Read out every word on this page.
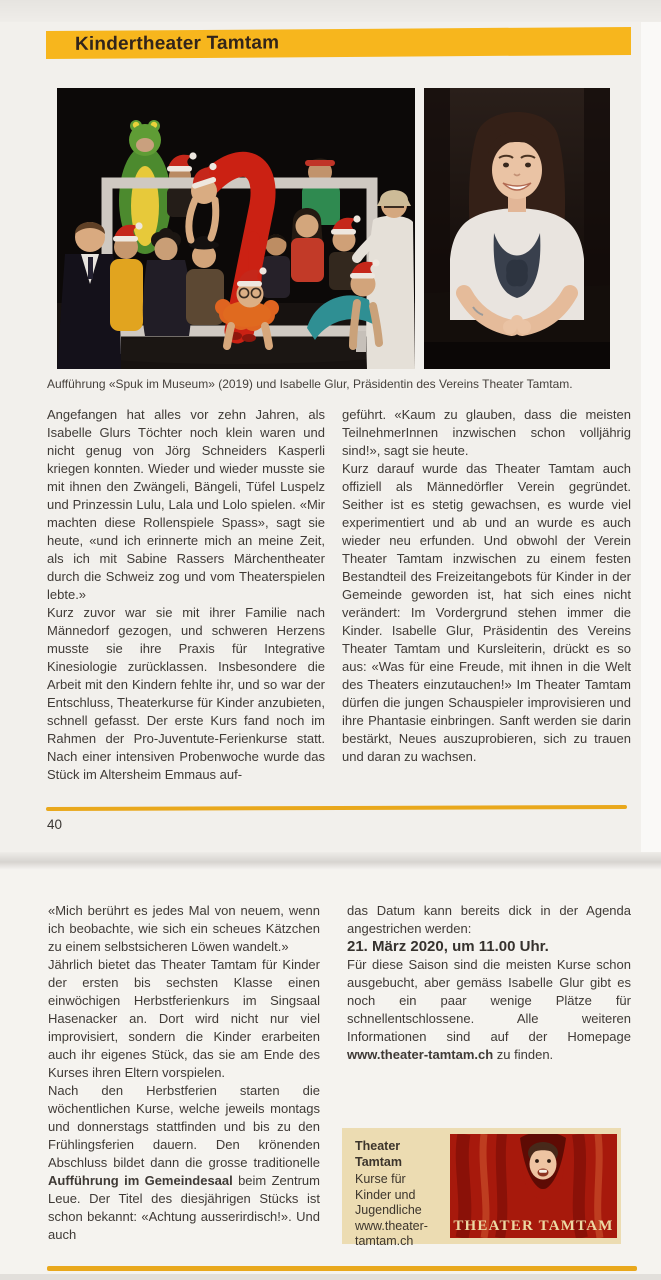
Kindertheater Tamtam

Aufführung «Spuk im Museum» (2019) und Isabelle Glur, Präsidentin des Vereins Theater Tamtam.

Angefangen hat alles vor zehn Jahren, als Isabelle Glurs Töchter noch klein waren und nicht genug von Jörg Schneiders Kasperli kriegen konnten. Wieder und wieder musste sie mit ihnen den Zwängeli, Bängeli, Tüfel Luspelz und Prinzessin Lulu, Lala und Lolo spielen. «Mir machten diese Rollenspiele Spass», sagt sie heute, «und ich erinnerte mich an meine Zeit, als ich mit Sabine Rassers Märchentheater durch die Schweiz zog und vom Theaterspielen lebte.»

Kurz zuvor war sie mit ihrer Familie nach Männedorf gezogen, und schweren Herzens musste sie ihre Praxis für Integrative Kinesiologie zurücklassen. Insbesondere die Arbeit mit den Kindern fehlte ihr, und so war der Entschluss, Theaterkurse für Kinder anzubieten, schnell gefasst. Der erste Kurs fand noch im Rahmen der Pro-Juventute-Ferienkurse statt. Nach einer intensiven Probenwoche wurde das Stück im Altersheim Emmaus auf-

geführt. «Kaum zu glauben, dass die meisten TeilnehmerInnen inzwischen schon volljährig sind!», sagt sie heute.

Kurz darauf wurde das Theater Tamtam auch offiziell als Männedörfler Verein gegründet. Seither ist es stetig gewachsen, es wurde viel experimentiert und ab und an wurde es auch wieder neu erfunden. Und obwohl der Verein Theater Tamtam inzwischen zu einem festen Bestandteil des Freizeitangebots für Kinder in der Gemeinde geworden ist, hat sich eines nicht verändert: Im Vordergrund stehen immer die Kinder. Isabelle Glur, Präsidentin des Vereins Theater Tamtam und Kursleiterin, drückt es so aus: «Was für eine Freude, mit ihnen in die Welt des Theaters einzutauchen!» Im Theater Tamtam dürfen die jungen Schauspieler improvisieren und ihre Phantasie einbringen. Sanft werden sie darin bestärkt, Neues auszuprobieren, sich zu trauen und daran zu wachsen.

40

«Mich berührt es jedes Mal von neuem, wenn ich beobachte, wie sich ein scheues Kätzchen zu einem selbstsicheren Löwen wandelt.»

Jährlich bietet das Theater Tamtam für Kinder der ersten bis sechsten Klasse einen einwöchigen Herbstferienkurs im Singsaal Hasenacker an. Dort wird nicht nur viel improvisiert, sondern die Kinder erarbeiten auch ihr eigenes Stück, das sie am Ende des Kurses ihren Eltern vorspielen.

Nach den Herbstferien starten die wöchentlichen Kurse, welche jeweils montags und donnerstags stattfinden und bis zu den Frühlingsferien dauern. Den krönenden Abschluss bildet dann die grosse traditionelle Aufführung im Gemeindesaal beim Zentrum Leue. Der Titel des diesjährigen Stücks ist schon bekannt: «Achtung ausserirdisch!». Und auch

das Datum kann bereits dick in der Agenda angestrichen werden:

21. März 2020, um 11.00 Uhr.

Für diese Saison sind die meisten Kurse schon ausgebucht, aber gemäss Isabelle Glur gibt es noch ein paar wenige Plätze für schnellentschlossene. Alle weiteren Informationen sind auf der Homepage www.theater-tamtam.ch zu finden.

Theater Tamtam

Kurse für Kinder und Jugendliche

www.theater-tamtam.ch

THEATER TAMTAM
